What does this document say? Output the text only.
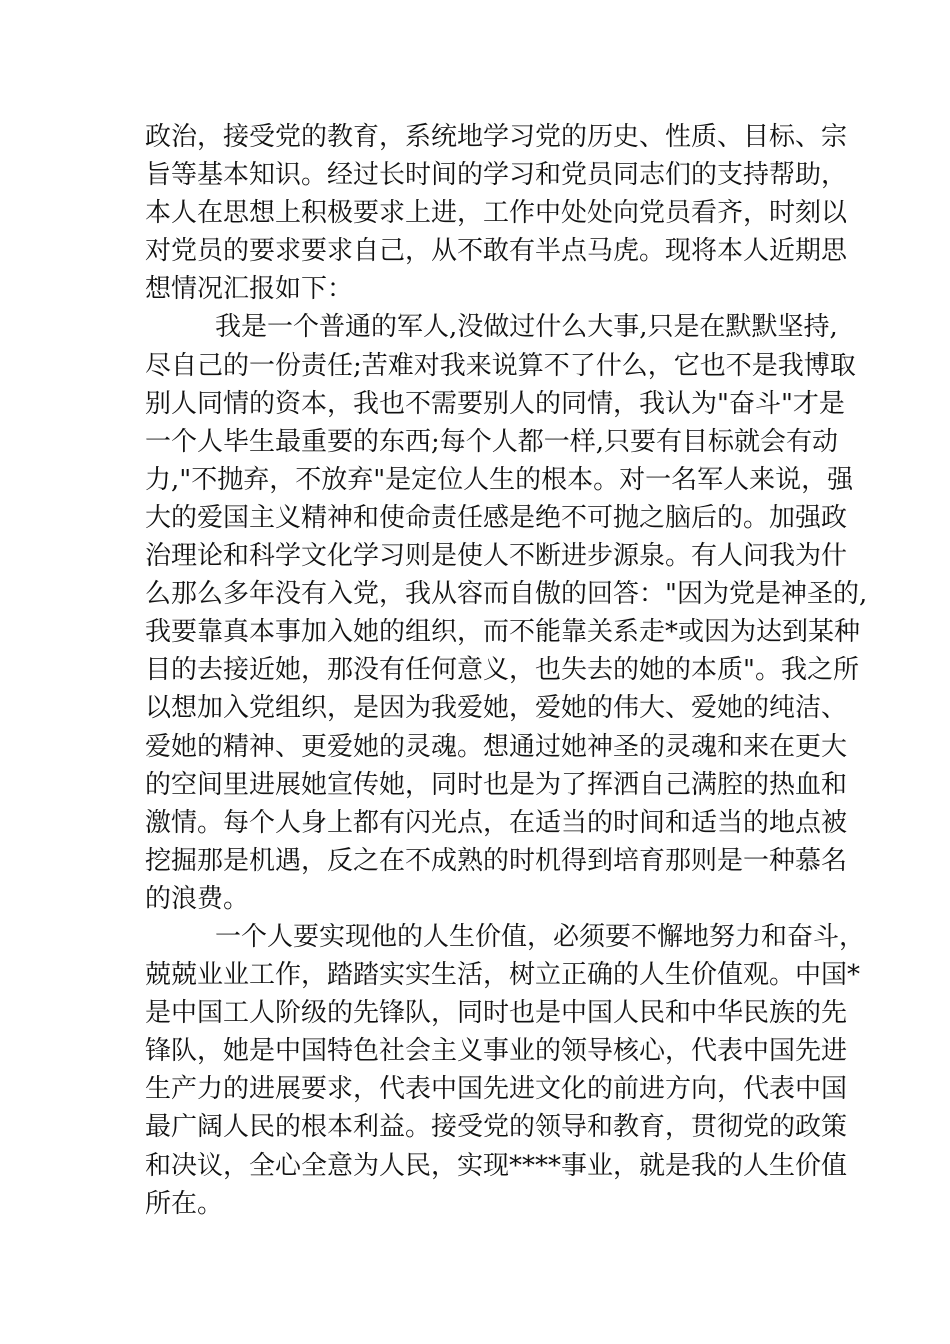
政治，接受党的教育，系统地学习党的历史、性质、目标、宗
旨等基本知识。经过长时间的学习和党员同志们的支持帮助，
本人在思想上积极要求上进，工作中处处向党员看齐，时刻以
对党员的要求要求自己，从不敢有半点马虎。现将本人近期思
想情况汇报如下：
我是一个普通的军人,没做过什么大事,只是在默默坚持,
尽自己的一份责任;苦难对我来说算不了什么，它也不是我博取
别人同情的资本，我也不需要别人的同情，我认为"奋斗"才是
一个人毕生最重要的东西;每个人都一样,只要有目标就会有动
力,"不抛弃，不放弃"是定位人生的根本。对一名军人来说，强
大的爱国主义精神和使命责任感是绝不可抛之脑后的。加强政
治理论和科学文化学习则是使人不断进步源泉。有人问我为什
么那么多年没有入党，我从容而自傲的回答："因为党是神圣的,
我要靠真本事加入她的组织，而不能靠关系走*或因为达到某种
目的去接近她，那没有任何意义，也失去的她的本质"。我之所
以想加入党组织，是因为我爱她，爱她的伟大、爱她的纯洁、
爱她的精神、更爱她的灵魂。想通过她神圣的灵魂和来在更大
的空间里进展她宣传她，同时也是为了挥洒自己满腔的热血和
激情。每个人身上都有闪光点，在适当的时间和适当的地点被
挖掘那是机遇，反之在不成熟的时机得到培育那则是一种慕名
的浪费。
一个人要实现他的人生价值，必须要不懈地努力和奋斗，
兢兢业业工作，踏踏实实生活，树立正确的人生价值观。中国*
是中国工人阶级的先锋队，同时也是中国人民和中华民族的先
锋队，她是中国特色社会主义事业的领导核心，代表中国先进
生产力的进展要求，代表中国先进文化的前进方向，代表中国
最广阔人民的根本利益。接受党的领导和教育，贯彻党的政策
和决议，全心全意为人民，实现****事业，就是我的人生价值
所在。
